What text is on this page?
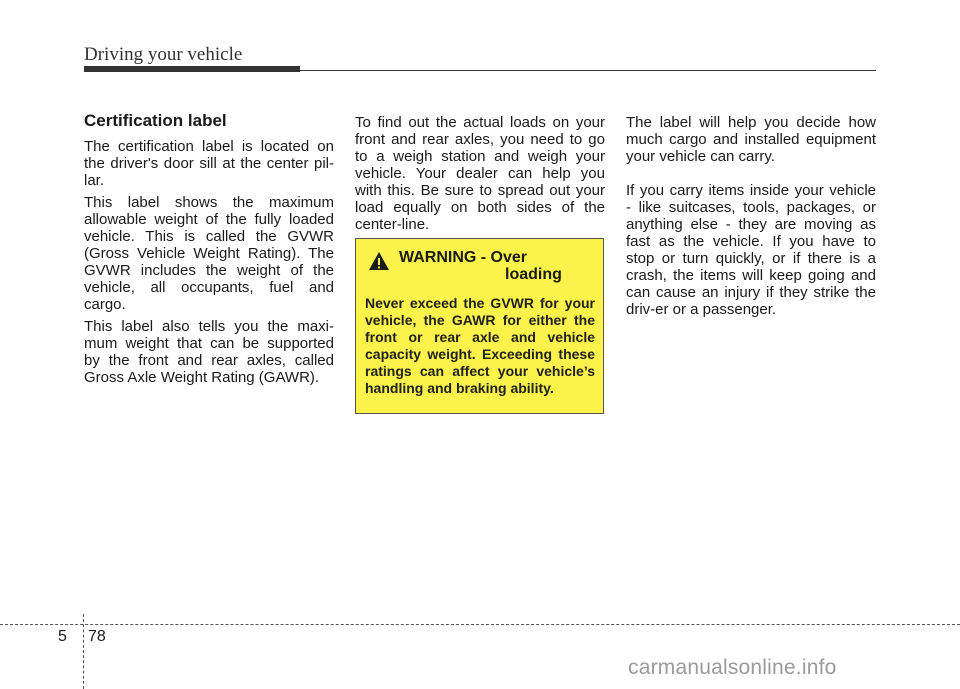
Driving your vehicle
Certification label

The certification label is located on the driver's door sill at the center pil-lar.

This label shows the maximum allowable weight of the fully loaded vehicle. This is called the GVWR (Gross Vehicle Weight Rating). The GVWR includes the weight of the vehicle, all occupants, fuel and cargo.

This label also tells you the maxi-mum weight that can be supported by the front and rear axles, called Gross Axle Weight Rating (GAWR).

To find out the actual loads on your front and rear axles, you need to go to a weigh station and weigh your vehicle. Your dealer can help you with this. Be sure to spread out your load equally on both sides of the center-line.

WARNING - Over
loading

Never exceed the GVWR for your vehicle, the GAWR for either the front or rear axle and vehicle capacity weight. Exceeding these ratings can affect your vehicle’s handling and braking ability.

The label will help you decide how much cargo and installed equipment your vehicle can carry.

If you carry items inside your vehicle - like suitcases, tools, packages, or anything else - they are moving as fast as the vehicle. If you have to stop or turn quickly, or if there is a crash, the items will keep going and can cause an injury if they strike the driv-er or a passenger.

5 78
carmanualsonline.info
